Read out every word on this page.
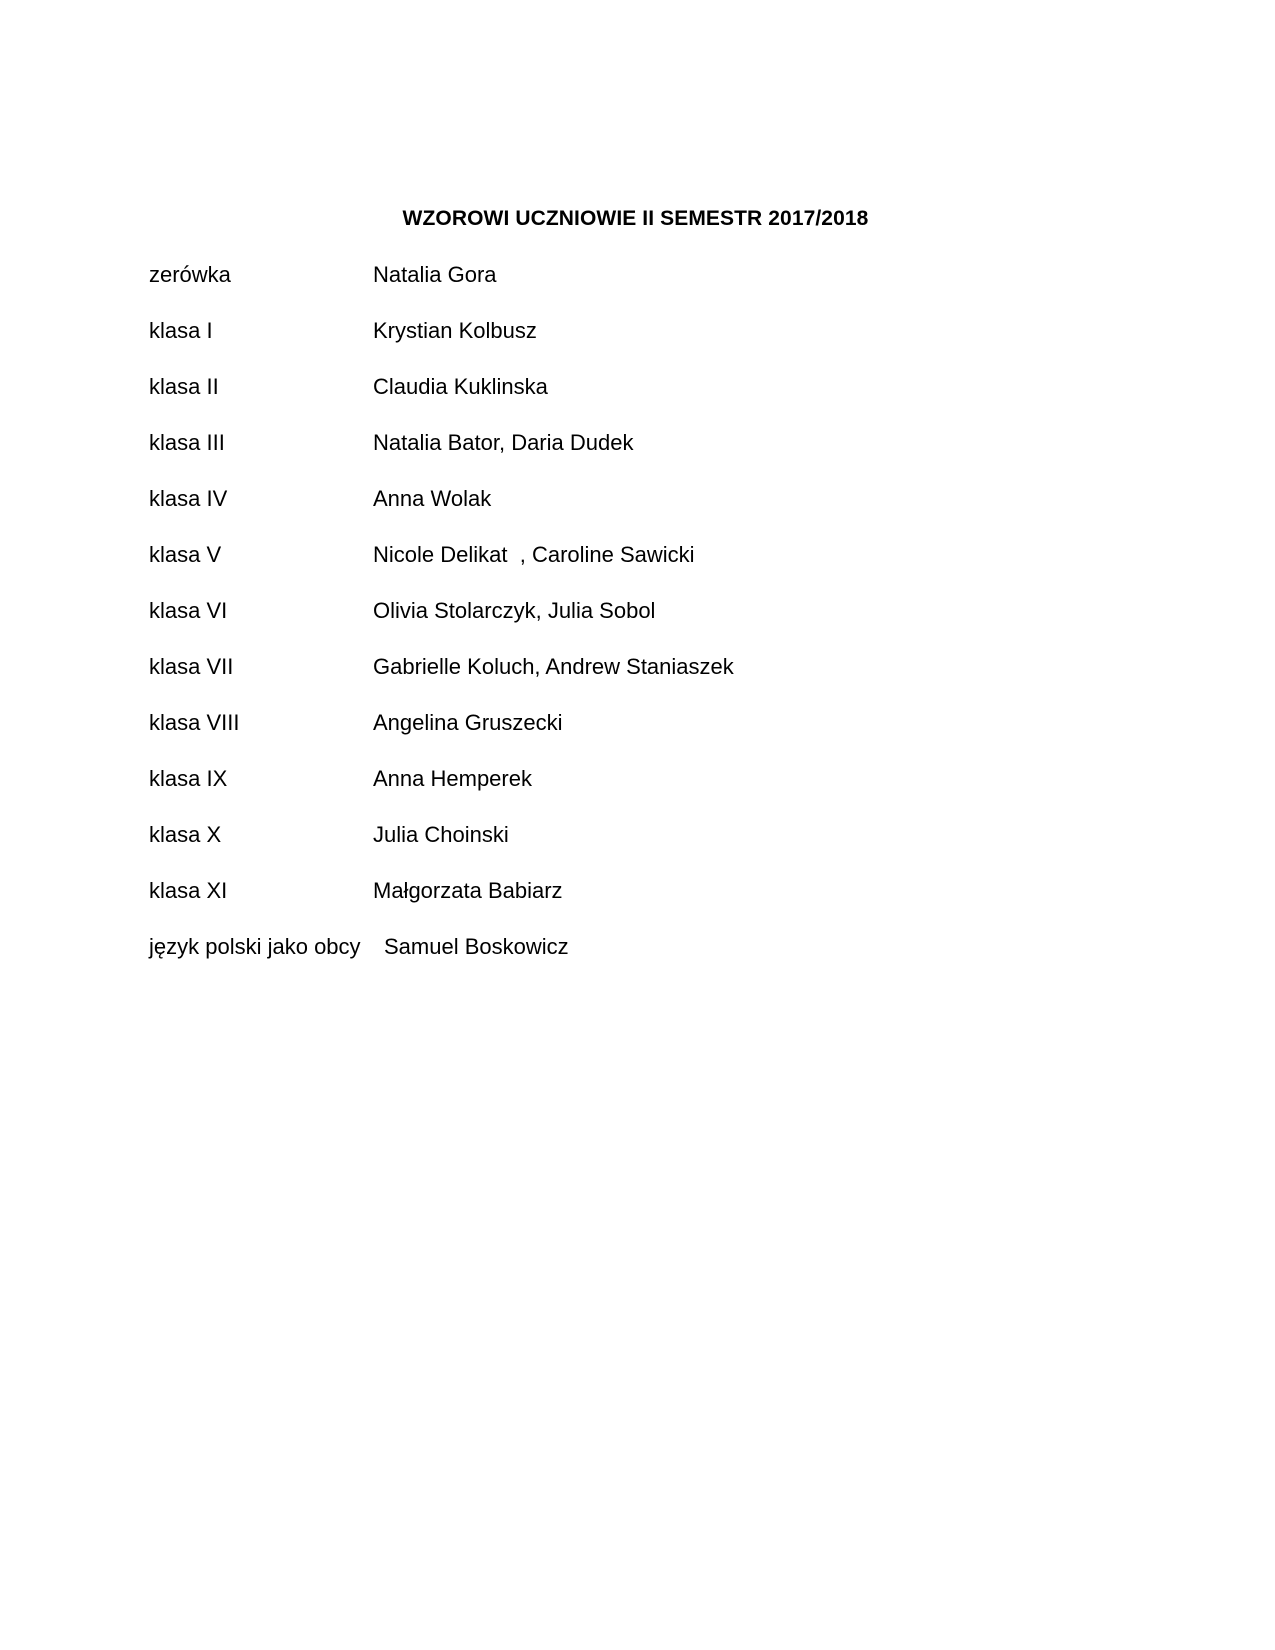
WZOROWI UCZNIOWIE II SEMESTR 2017/2018
zerówka	Natalia Gora
klasa I	Krystian Kolbusz
klasa II	Claudia Kuklinska
klasa III	Natalia Bator, Daria Dudek
klasa IV	Anna Wolak
klasa V	Nicole Delikat  , Caroline Sawicki
klasa VI	Olivia Stolarczyk, Julia Sobol
klasa VII	Gabrielle Koluch, Andrew Staniaszek
klasa VIII	Angelina Gruszecki
klasa IX	Anna Hemperek
klasa X	Julia Choinski
klasa XI	Małgorzata Babiarz
język polski jako obcy Samuel Boskowicz
